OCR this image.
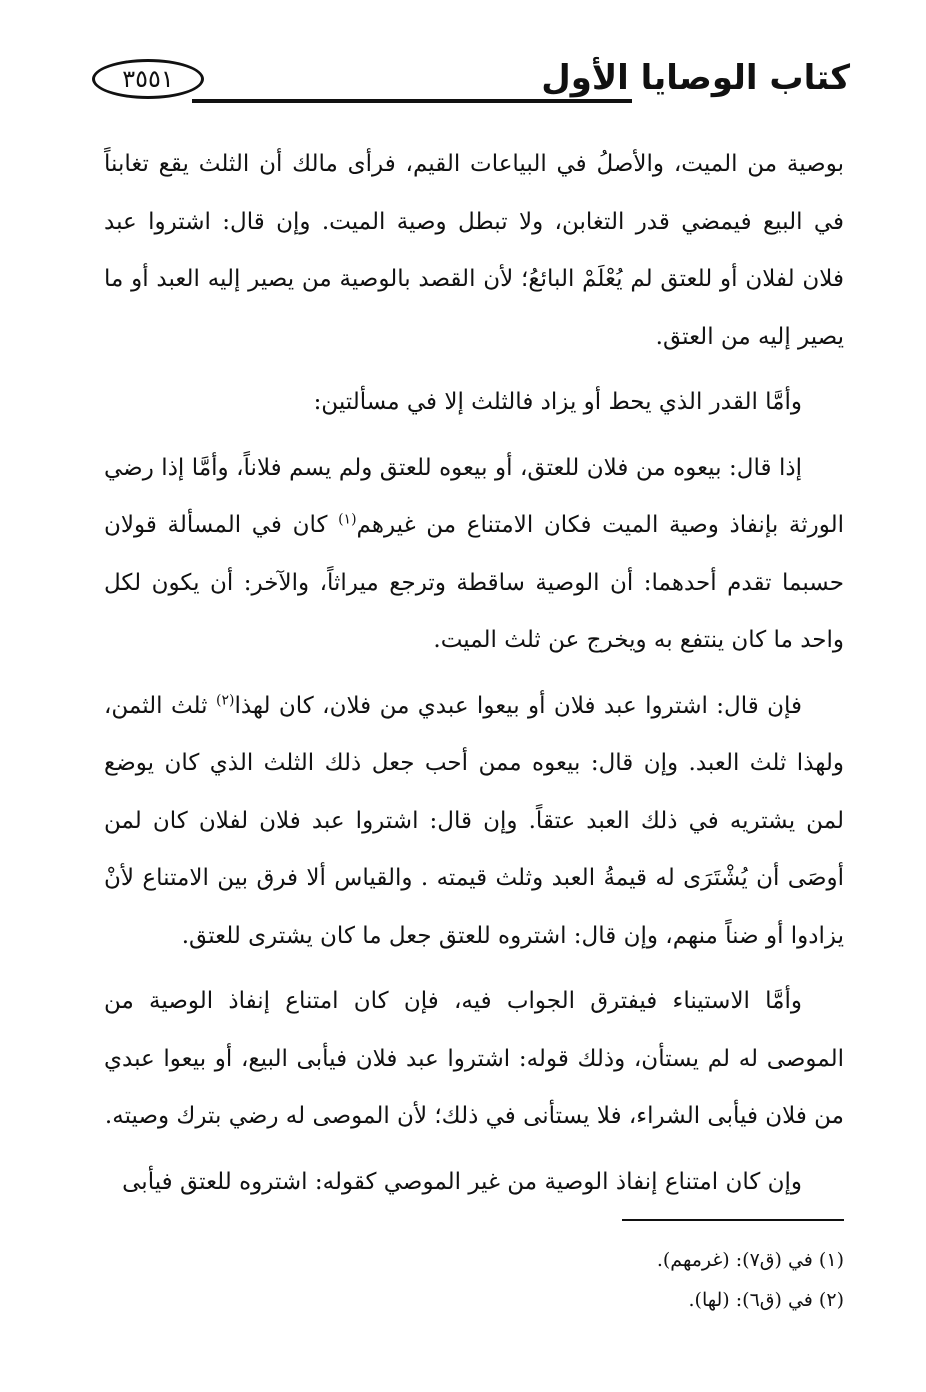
٣٥٥١	كتاب الوصايا الأول

بوصية من الميت، والأصلُ في البياعات القيم، فرأى مالك أن الثلث يقع تغابناً في البيع فيمضي قدر التغابن، ولا تبطل وصية الميت. وإن قال: اشتروا عبد فلان لفلان أو للعتق لم يُعْلَمْ البائعُ؛ لأن القصد بالوصية من يصير إليه العبد أو ما يصير إليه من العتق.

وأمَّا القدر الذي يحط أو يزاد فالثلث إلا في مسألتين:

إذا قال: بيعوه من فلان للعتق، أو بيعوه للعتق ولم يسم فلاناً، وأمَّا إذا رضي الورثة بإنفاذ وصية الميت فكان الامتناع من غيرهم$^{(١)}$ كان في المسألة قولان حسبما تقدم أحدهما: أن الوصية ساقطة وترجع ميراثاً، والآخر: أن يكون لكل واحد ما كان ينتفع به ويخرج عن ثلث الميت.

فإن قال: اشتروا عبد فلان أو بيعوا عبدي من فلان، كان لهذا$^{(٢)}$ ثلث الثمن، ولهذا ثلث العبد. وإن قال: بيعوه ممن أحب جعل ذلك الثلث الذي كان يوضع لمن يشتريه في ذلك العبد عتقاً. وإن قال: اشتروا عبد فلان لفلان كان لمن أوصَى أن يُشْتَرَى له قيمةُ العبد وثلث قيمته . والقياس ألا فرق بين الامتناع لأنْ يزادوا أو ضناً منهم، وإن قال: اشتروه للعتق جعل ما كان يشترى للعتق.

وأمَّا الاستيناء فيفترق الجواب فيه، فإن كان امتناع إنفاذ الوصية من الموصى له لم يستأن، وذلك قوله: اشتروا عبد فلان فيأبى البيع، أو بيعوا عبدي من فلان فيأبى الشراء، فلا يستأنى في ذلك؛ لأن الموصى له رضي بترك وصيته.

وإن كان امتناع إنفاذ الوصية من غير الموصي كقوله: اشتروه للعتق فيأبى

(١) في (ق٧): (غرمهم).
(٢) في (ق٦): (لها).
